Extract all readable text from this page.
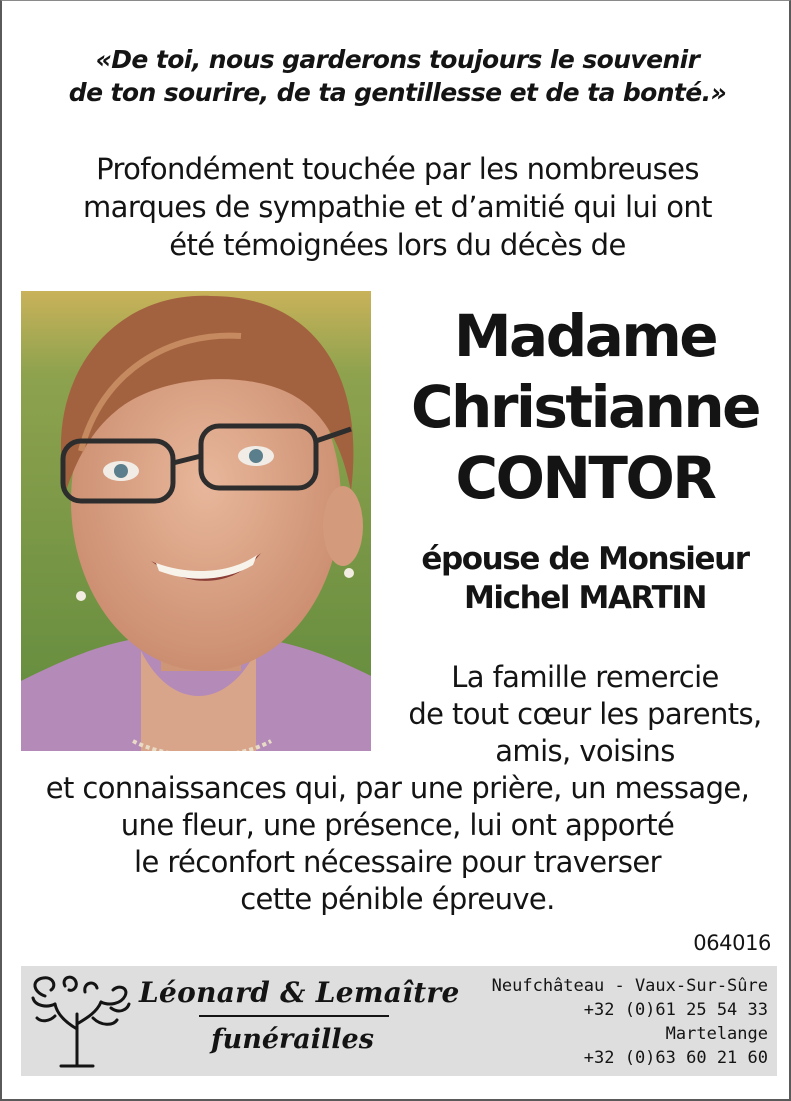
«De toi, nous garderons toujours le souvenir
de ton sourire, de ta gentillesse et de ta bonté.»
Profondément touchée par les nombreuses
marques de sympathie et d’amitié qui lui ont
été témoignées lors du décès de
Madame
Christianne
CONTOR
épouse de Monsieur
Michel MARTIN
La famille remercie
de tout cœur les parents,
amis, voisins
et connaissances qui, par une prière, un message,
une fleur, une présence, lui ont apporté
le réconfort nécessaire pour traverser
cette pénible épreuve.
064016
Léonard & Lemaître
funérailles
Neufchâteau - Vaux-Sur-Sûre
+32 (0)61 25 54 33
Martelange
+32 (0)63 60 21 60
